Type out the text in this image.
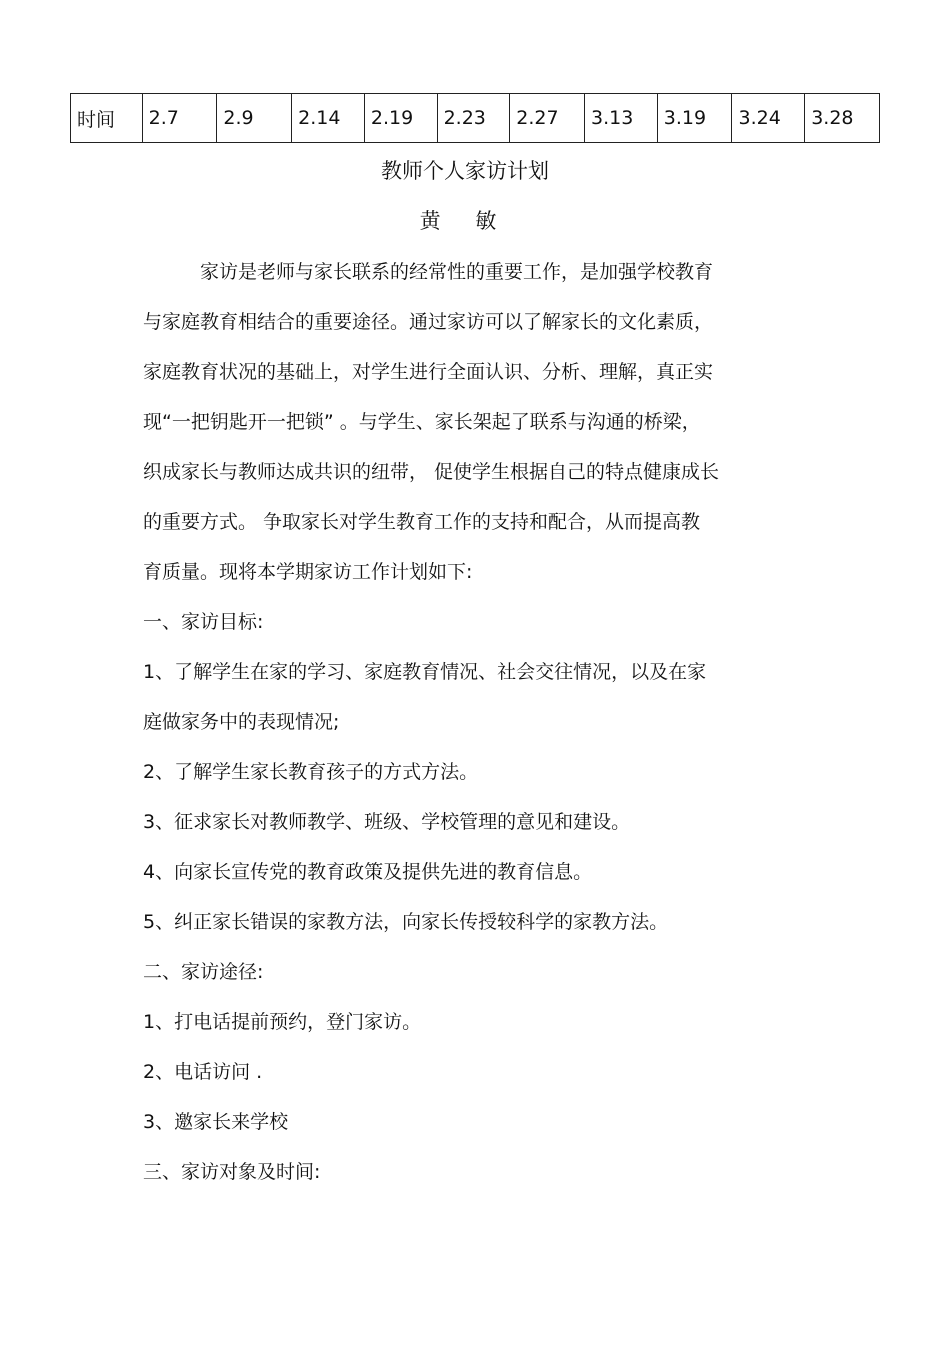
时间	2.7	2.9	2.14	2.19	2.23	2.27	3.13	3.19	3.24	3.28
教师个人家访计划
黄 敏
　　　家访是老师与家长联系的经常性的重要工作，是加强学校教育
与家庭教育相结合的重要途径。通过家访可以了解家长的文化素质，
家庭教育状况的基础上，对学生进行全面认识、分析、理解，真正实
现“一把钥匙开一把锁” 。与学生、家长架起了联系与沟通的桥梁，
织成家长与教师达成共识的纽带， 促使学生根据自己的特点健康成长
的重要方式。 争取家长对学生教育工作的支持和配合，从而提高教
育质量。现将本学期家访工作计划如下:
一、家访目标:
1、了解学生在家的学习、家庭教育情况、社会交往情况，以及在家
庭做家务中的表现情况;
2、了解学生家长教育孩子的方式方法。
3、征求家长对教师教学、班级、学校管理的意见和建设。
4、向家长宣传党的教育政策及提供先进的教育信息。
5、纠正家长错误的家教方法，向家长传授较科学的家教方法。
二、家访途径:
1、打电话提前预约，登门家访。
2、电话访问 .
3、邀家长来学校
三、家访对象及时间:
